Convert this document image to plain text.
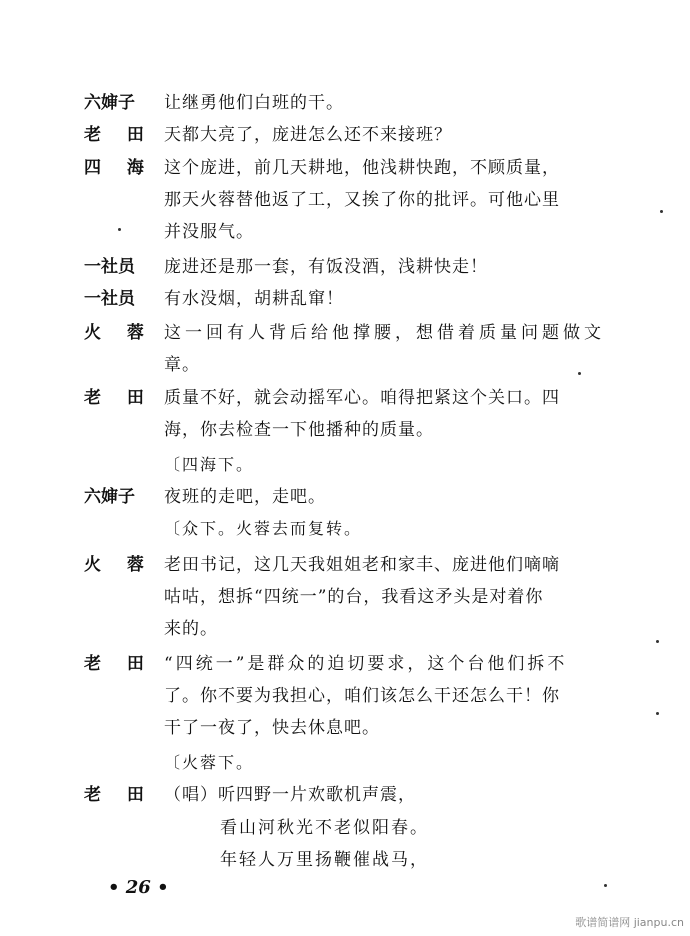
六婶子	让继勇他们白班的干。
老 田 天都大亮了，庞进怎么还不来接班？
四 海 这个庞进，前几天耕地，他浅耕快跑，不顾质量，
那天火蓉替他返了工，又挨了你的批评。可他心里
并没服气。
一社员	庞进还是那一套，有饭没酒，浅耕快走！
一社员	有水没烟，胡耕乱窜！
火 蓉 这一回有人背后给他撑腰，想借着质量问题做文
章。
老 田 质量不好，就会动摇军心。咱得把紧这个关口。四
海，你去检查一下他播种的质量。
〔四海下。
六婶子	夜班的走吧，走吧。
〔众下。火蓉去而复转。
火 蓉 老田书记，这几天我姐姐老和家丰、庞进他们嘀嘀
咕咕，想拆“四统一”的台，我看这矛头是对着你
来的。
老 田 “四统一”是群众的迫切要求，这个台他们拆不
了。你不要为我担心，咱们该怎么干还怎么干！你
干了一夜了，快去休息吧。
〔火蓉下。
老 田 （唱）听四野一片欢歌机声震，
看山河秋光不老似阳春。
年轻人万里扬鞭催战马，
• 26 •
歌谱简谱网 jianpu.cn
